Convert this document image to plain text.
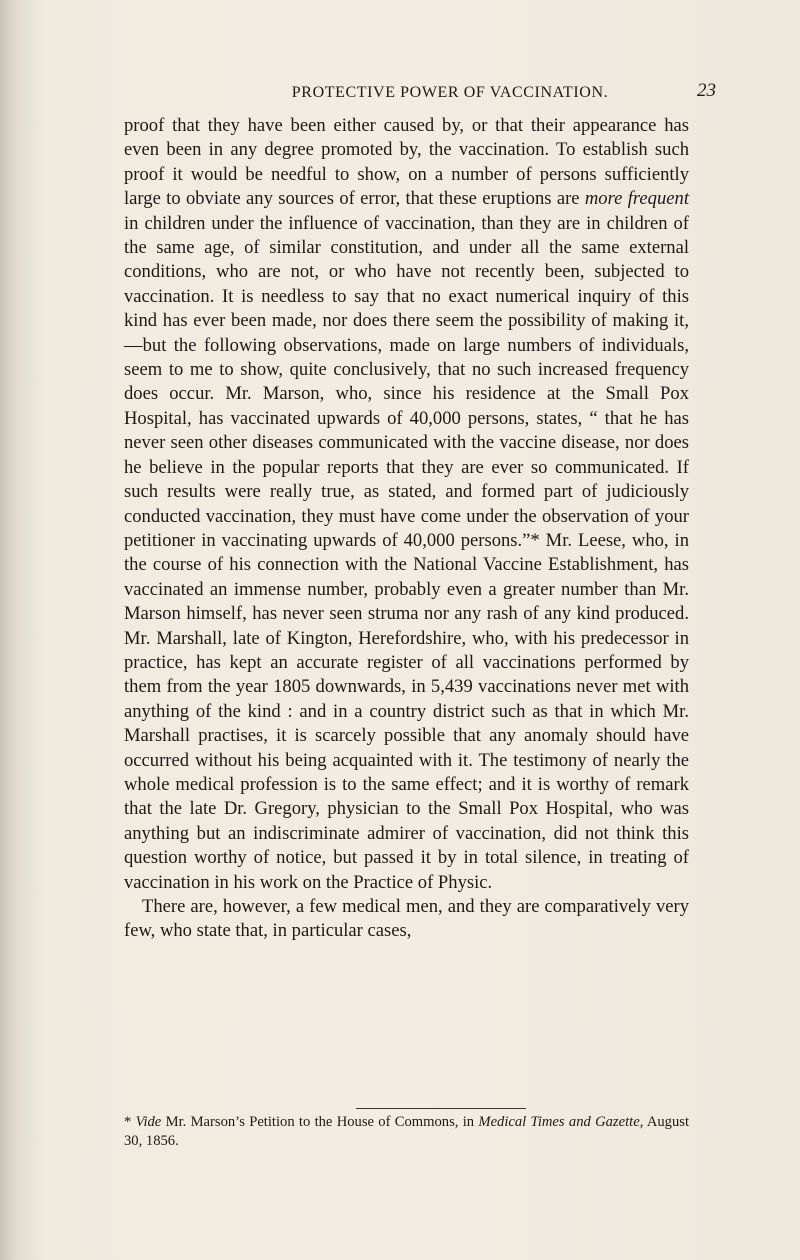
PROTECTIVE POWER OF VACCINATION.	23

proof that they have been either caused by, or that their appearance has even been in any degree promoted by, the vaccination. To establish such proof it would be needful to show, on a number of persons sufficiently large to obviate any sources of error, that these eruptions are more frequent in children under the influence of vaccination, than they are in children of the same age, of similar constitution, and under all the same external conditions, who are not, or who have not recently been, subjected to vaccination. It is needless to say that no exact numerical inquiry of this kind has ever been made, nor does there seem the possibility of making it, —but the following observations, made on large numbers of individuals, seem to me to show, quite conclusively, that no such increased frequency does occur. Mr. Marson, who, since his residence at the Small Pox Hospital, has vaccinated upwards of 40,000 persons, states, “ that he has never seen other diseases communicated with the vaccine disease, nor does he believe in the popular reports that they are ever so communicated. If such results were really true, as stated, and formed part of judiciously conducted vaccination, they must have come under the observation of your petitioner in vaccinating upwards of 40,000 persons.”* Mr. Leese, who, in the course of his connection with the National Vaccine Establishment, has vaccinated an immense number, probably even a greater number than Mr. Marson himself, has never seen struma nor any rash of any kind produced. Mr. Marshall, late of Kington, Herefordshire, who, with his predecessor in practice, has kept an accurate register of all vaccinations performed by them from the year 1805 downwards, in 5,439 vaccinations never met with anything of the kind : and in a country district such as that in which Mr. Marshall practises, it is scarcely possible that any anomaly should have occurred without his being acquainted with it. The testimony of nearly the whole medical profession is to the same effect; and it is worthy of remark that the late Dr. Gregory, physician to the Small Pox Hospital, who was anything but an indiscriminate admirer of vaccination, did not think this question worthy of notice, but passed it by in total silence, in treating of vaccination in his work on the Practice of Physic.

There are, however, a few medical men, and they are comparatively very few, who state that, in particular cases,

* Vide Mr. Marson’s Petition to the House of Commons, in Medical Times and Gazette, August 30, 1856.
